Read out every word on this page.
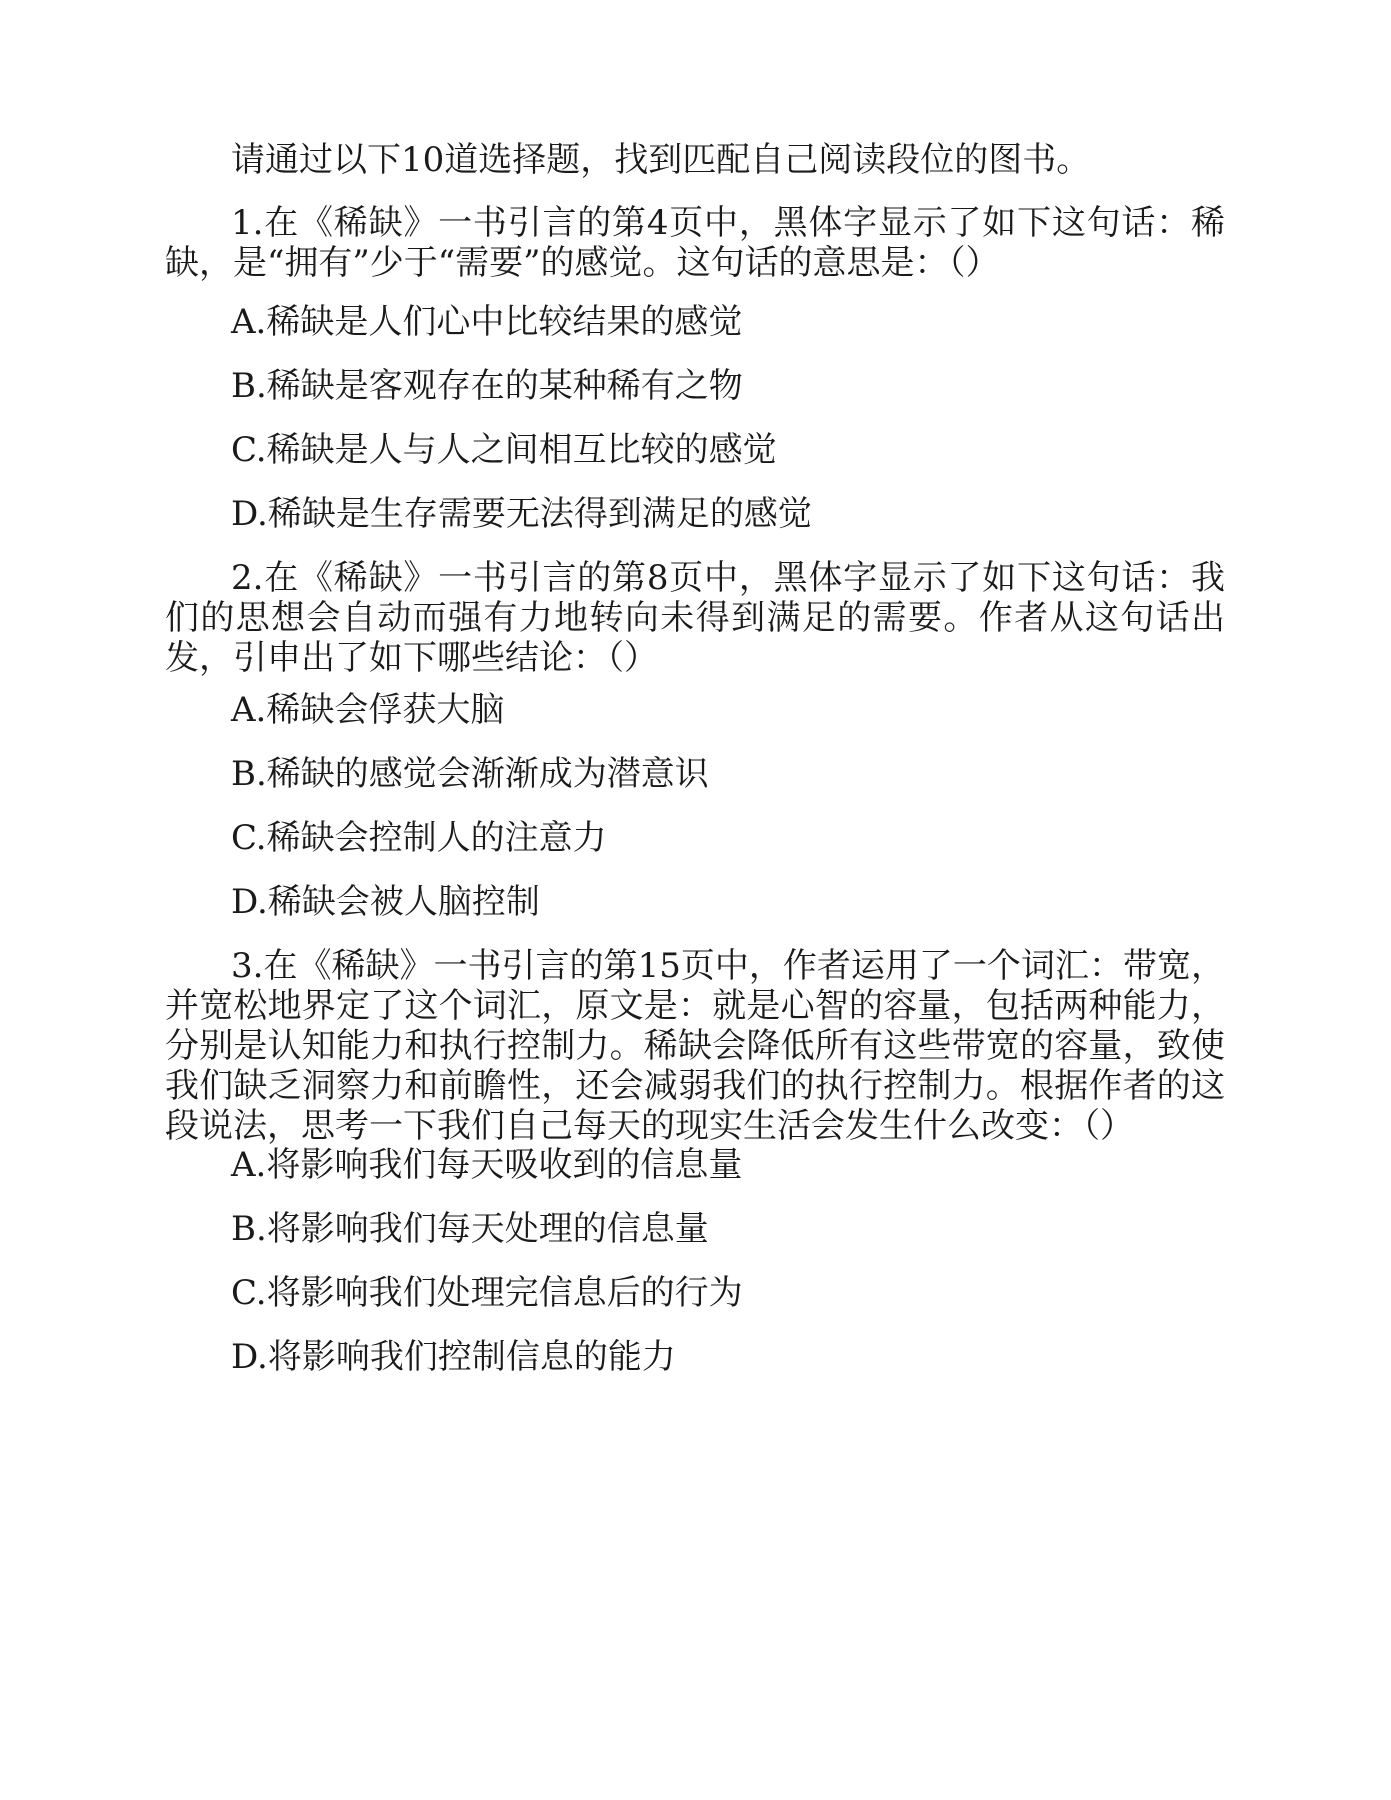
请通过以下10道选择题，找到匹配自己阅读段位的图书。

1.在《稀缺》一书引言的第4页中，黑体字显示了如下这句话：稀缺，是“拥有”少于“需要”的感觉。这句话的意思是：（）

A.稀缺是人们心中比较结果的感觉

B.稀缺是客观存在的某种稀有之物

C.稀缺是人与人之间相互比较的感觉

D.稀缺是生存需要无法得到满足的感觉

2.在《稀缺》一书引言的第8页中，黑体字显示了如下这句话：我们的思想会自动而强有力地转向未得到满足的需要。作者从这句话出发，引申出了如下哪些结论：（）

A.稀缺会俘获大脑

B.稀缺的感觉会渐渐成为潜意识

C.稀缺会控制人的注意力

D.稀缺会被人脑控制

3.在《稀缺》一书引言的第15页中，作者运用了一个词汇：带宽，并宽松地界定了这个词汇，原文是：就是心智的容量，包括两种能力，分别是认知能力和执行控制力。稀缺会降低所有这些带宽的容量，致使我们缺乏洞察力和前瞻性，还会减弱我们的执行控制力。根据作者的这段说法，思考一下我们自己每天的现实生活会发生什么改变：（）

A.将影响我们每天吸收到的信息量

B.将影响我们每天处理的信息量

C.将影响我们处理完信息后的行为

D.将影响我们控制信息的能力
